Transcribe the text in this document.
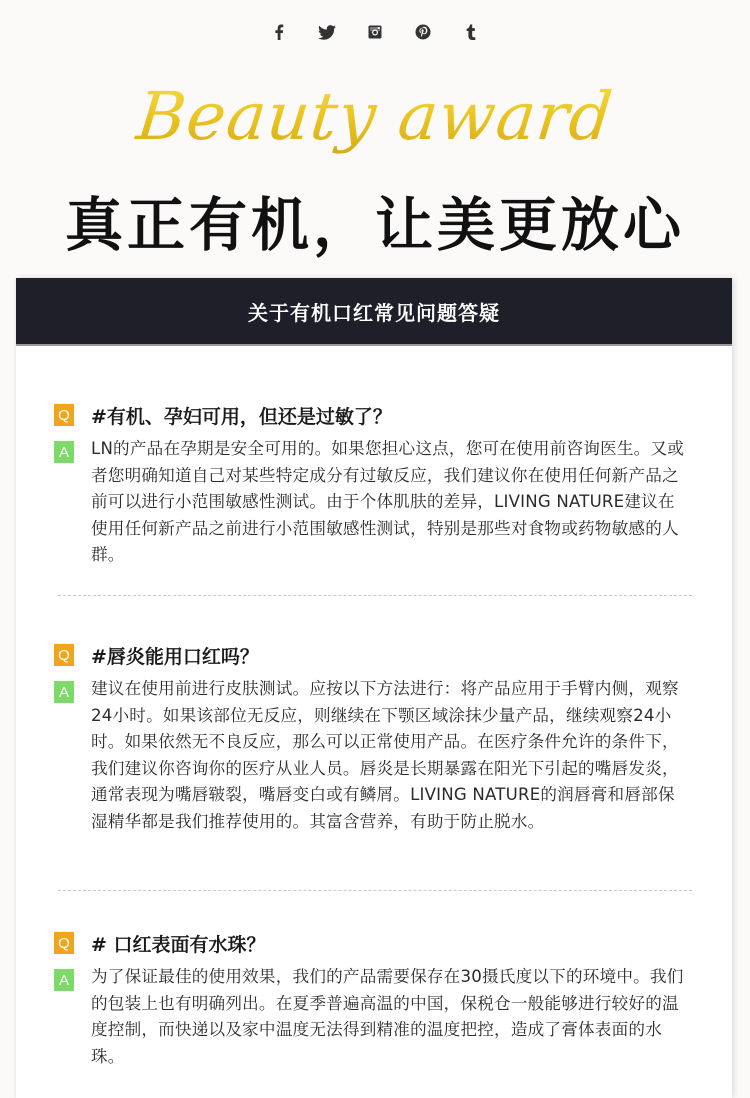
Beauty award
真正有机，让美更放心
关于有机口红常见问题答疑
Q #有机、孕妇可用，但还是过敏了？
A	LN的产品在孕期是安全可用的。如果您担心这点，您可在使用前咨询医生。又或者您明确知道自己对某些特定成分有过敏反应，我们建议你在使用任何新产品之前可以进行小范围敏感性测试。由于个体肌肤的差异，LIVING NATURE建议在使用任何新产品之前进行小范围敏感性测试，特别是那些对食物或药物敏感的人群。
Q #唇炎能用口红吗？
A	建议在使用前进行皮肤测试。应按以下方法进行：将产品应用于手臂内侧，观察24小时。如果该部位无反应，则继续在下颚区域涂抹少量产品，继续观察24小时。如果依然无不良反应，那么可以正常使用产品。在医疗条件允许的条件下，我们建议你咨询你的医疗从业人员。唇炎是长期暴露在阳光下引起的嘴唇发炎，通常表现为嘴唇皲裂，嘴唇变白或有鳞屑。LIVING NATURE的润唇膏和唇部保湿精华都是我们推荐使用的。其富含营养，有助于防止脱水。
Q # 口红表面有水珠？
A	为了保证最佳的使用效果，我们的产品需要保存在30摄氏度以下的环境中。我们的包装上也有明确列出。在夏季普遍高温的中国，保税仓一般能够进行较好的温度控制，而快递以及家中温度无法得到精准的温度把控，造成了膏体表面的水珠。
